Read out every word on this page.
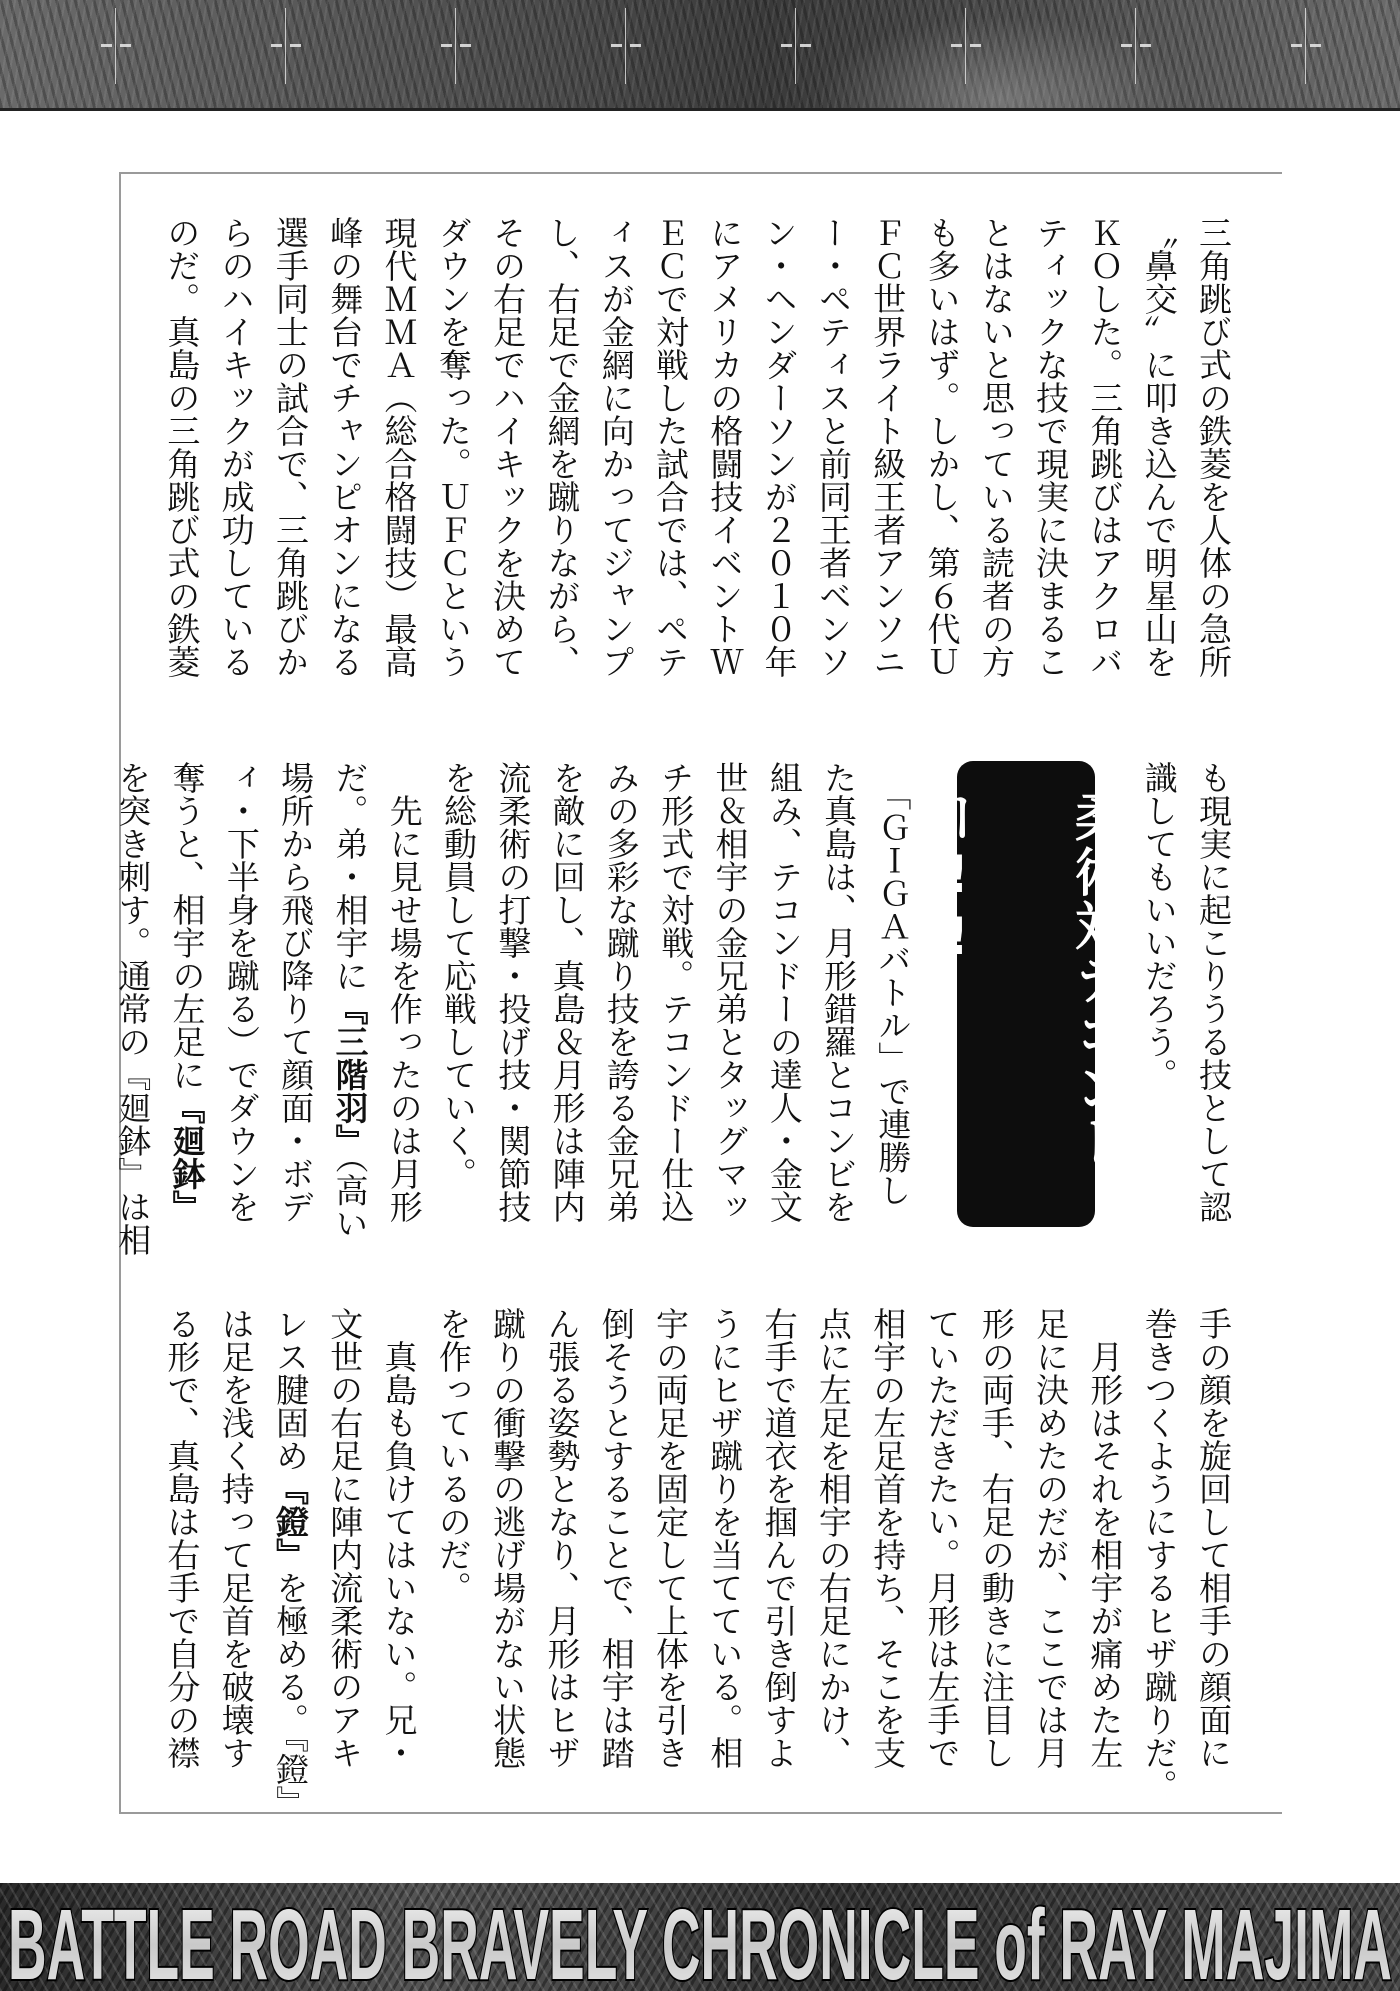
三角跳び式の鉄菱を人体の急所
〝鼻交〟に叩き込んで明星山を
ＫＯした。三角跳びはアクロバ
ティックな技で現実に決まるこ
とはないと思っている読者の方
も多いはず。しかし、第６代Ｕ
ＦＣ世界ライト級王者アンソニ
ー・ペティスと前同王者ベンソ
ン・ヘンダーソンが２０１０年
にアメリカの格闘技イベントＷ
ＥＣで対戦した試合では、ペテ
ィスが金網に向かってジャンプ
し、右足で金網を蹴りながら、
その右足でハイキックを決めて
ダウンを奪った。ＵＦＣという
現代ＭＭＡ（総合格闘技）最高
峰の舞台でチャンピオンになる
選手同士の試合で、三角跳びか
らのハイキックが成功している
のだ。真島の三角跳び式の鉄菱
も現実に起こりうる技として認
識してもいいだろう。
柔術対テコンドー!!
　「ＧＩＧＡバトル」で連勝し
た真島は、月形錯羅とコンビを
組み、テコンドーの達人・金文
世＆相宇の金兄弟とタッグマッ
チ形式で対戦。テコンドー仕込
みの多彩な蹴り技を誇る金兄弟
を敵に回し、真島＆月形は陣内
流柔術の打撃・投げ技・関節技
を総動員して応戦していく。
　先に見せ場を作ったのは月形
だ。弟・相宇に『三階羽』（高い
場所から飛び降りて顔面・ボデ
ィ・下半身を蹴る）でダウンを
奪うと、相宇の左足に『廻鉢』
を突き刺す。通常の『廻鉢』は相
手の顔を旋回して相手の顔面に
巻きつくようにするヒザ蹴りだ。
　月形はそれを相宇が痛めた左
足に決めたのだが、ここでは月
形の両手、右足の動きに注目し
ていただきたい。月形は左手で
相宇の左足首を持ち、そこを支
点に左足を相宇の右足にかけ、
右手で道衣を掴んで引き倒すよ
うにヒザ蹴りを当てている。相
宇の両足を固定して上体を引き
倒そうとすることで、相宇は踏
ん張る姿勢となり、月形はヒザ
蹴りの衝撃の逃げ場がない状態
を作っているのだ。
　真島も負けてはいない。兄・
文世の右足に陣内流柔術のアキ
レス腱固め『鐙』を極める。『鐙』
は足を浅く持って足首を破壊す
る形で、真島は右手で自分の襟
BATTLE ROAD BRAVELY CHRONICLE of RAY MAJIMA
